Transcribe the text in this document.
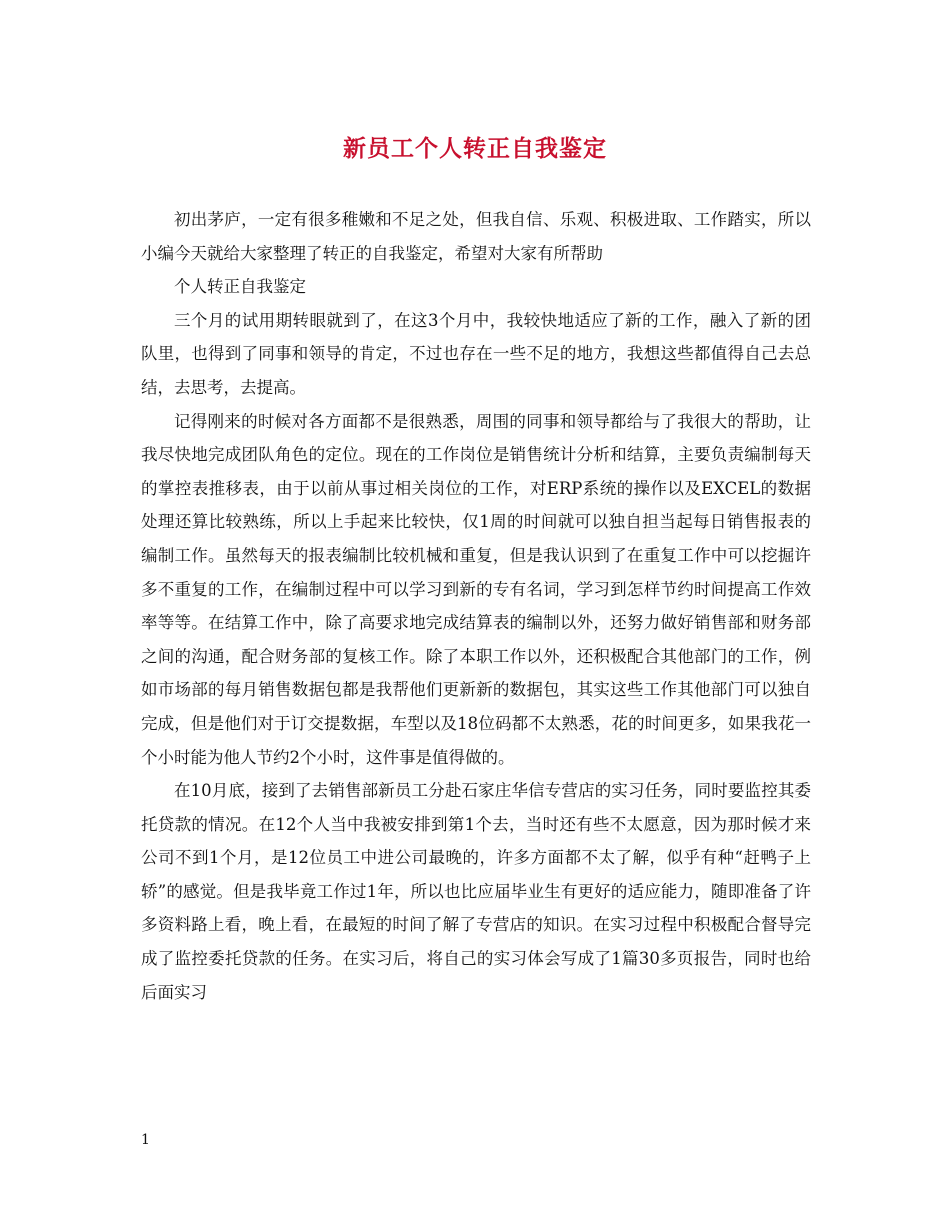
新员工个人转正自我鉴定

初出茅庐，一定有很多稚嫩和不足之处，但我自信、乐观、积极进取、工作踏实，所以小编今天就给大家整理了转正的自我鉴定，希望对大家有所帮助

个人转正自我鉴定

三个月的试用期转眼就到了，在这3个月中，我较快地适应了新的工作，融入了新的团队里，也得到了同事和领导的肯定，不过也存在一些不足的地方，我想这些都值得自己去总结，去思考，去提高。

记得刚来的时候对各方面都不是很熟悉，周围的同事和领导都给与了我很大的帮助，让我尽快地完成团队角色的定位。现在的工作岗位是销售统计分析和结算，主要负责编制每天的掌控表推移表，由于以前从事过相关岗位的工作，对ERP系统的操作以及EXCEL的数据处理还算比较熟练，所以上手起来比较快，仅1周的时间就可以独自担当起每日销售报表的编制工作。虽然每天的报表编制比较机械和重复，但是我认识到了在重复工作中可以挖掘许多不重复的工作，在编制过程中可以学习到新的专有名词，学习到怎样节约时间提高工作效率等等。在结算工作中，除了高要求地完成结算表的编制以外，还努力做好销售部和财务部之间的沟通，配合财务部的复核工作。除了本职工作以外，还积极配合其他部门的工作，例如市场部的每月销售数据包都是我帮他们更新新的数据包，其实这些工作其他部门可以独自完成，但是他们对于订交提数据，车型以及18位码都不太熟悉，花的时间更多，如果我花一个小时能为他人节约2个小时，这件事是值得做的。

在10月底，接到了去销售部新员工分赴石家庄华信专营店的实习任务，同时要监控其委托贷款的情况。在12个人当中我被安排到第1个去，当时还有些不太愿意，因为那时候才来公司不到1个月，是12位员工中进公司最晚的，许多方面都不太了解，似乎有种“赶鸭子上轿”的感觉。但是我毕竟工作过1年，所以也比应届毕业生有更好的适应能力，随即准备了许多资料路上看，晚上看，在最短的时间了解了专营店的知识。在实习过程中积极配合督导完成了监控委托贷款的任务。在实习后，将自己的实习体会写成了1篇30多页报告，同时也给后面实习

1
